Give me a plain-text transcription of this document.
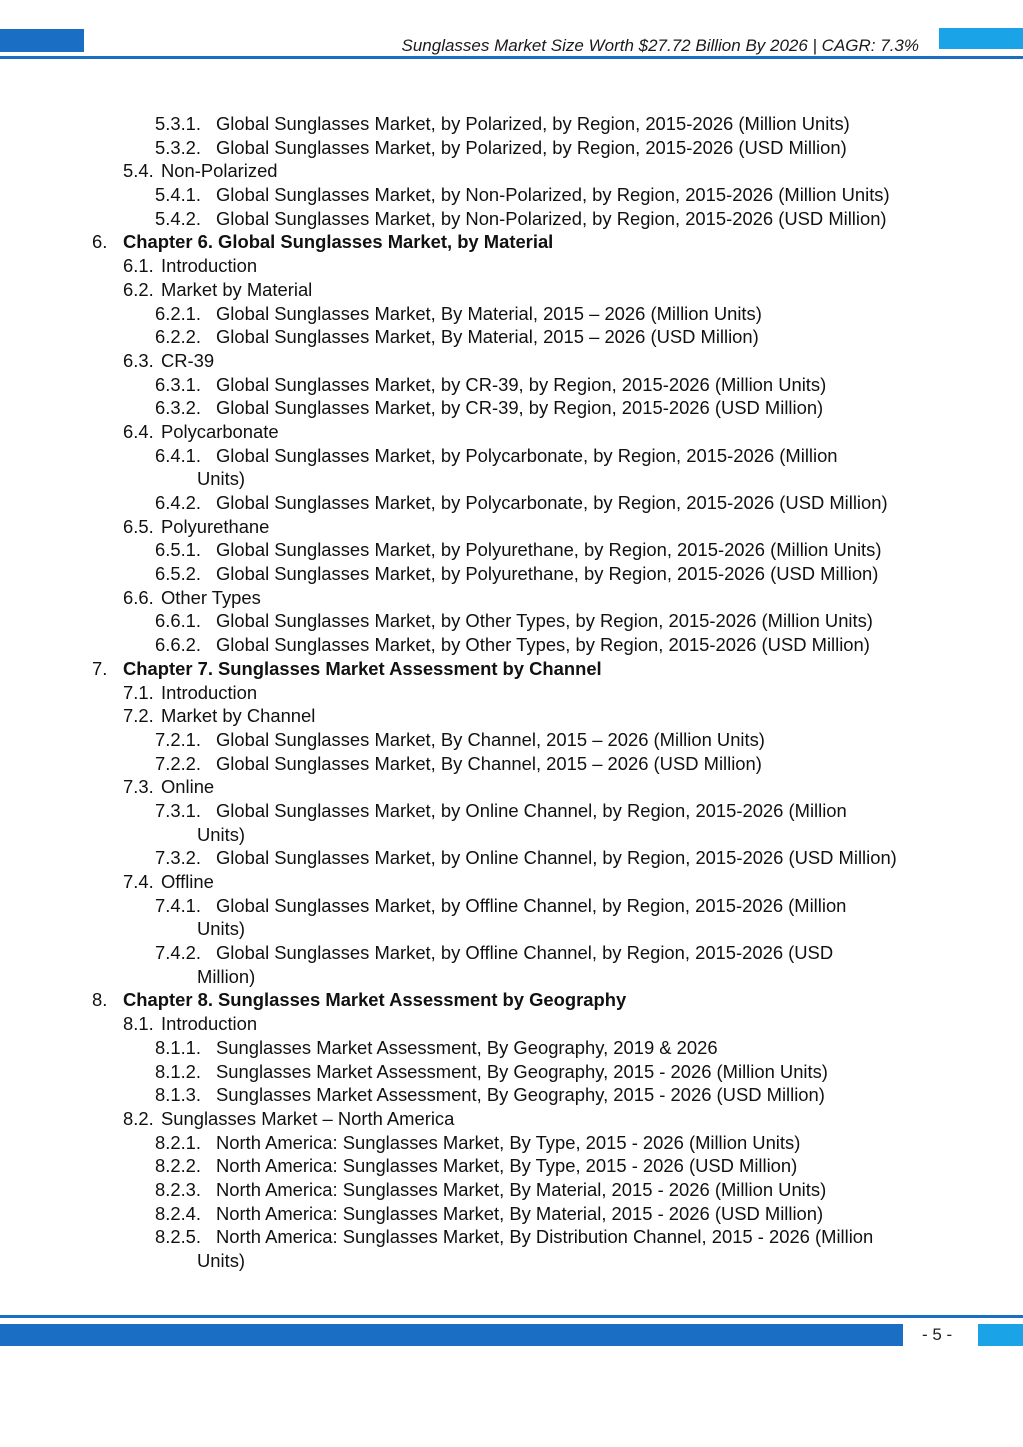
Sunglasses Market Size Worth $27.72 Billion By 2026 | CAGR: 7.3%
5.3.1. Global Sunglasses Market, by Polarized, by Region, 2015-2026 (Million Units)
5.3.2. Global Sunglasses Market, by Polarized, by Region, 2015-2026 (USD Million)
5.4. Non-Polarized
5.4.1. Global Sunglasses Market, by Non-Polarized, by Region, 2015-2026 (Million Units)
5.4.2. Global Sunglasses Market, by Non-Polarized, by Region, 2015-2026 (USD Million)
6. Chapter 6. Global Sunglasses Market, by Material
6.1. Introduction
6.2. Market by Material
6.2.1. Global Sunglasses Market, By Material, 2015 – 2026 (Million Units)
6.2.2. Global Sunglasses Market, By Material, 2015 – 2026 (USD Million)
6.3. CR-39
6.3.1. Global Sunglasses Market, by CR-39, by Region, 2015-2026 (Million Units)
6.3.2. Global Sunglasses Market, by CR-39, by Region, 2015-2026 (USD Million)
6.4. Polycarbonate
6.4.1. Global Sunglasses Market, by Polycarbonate, by Region, 2015-2026 (Million
Units)
6.4.2. Global Sunglasses Market, by Polycarbonate, by Region, 2015-2026 (USD Million)
6.5. Polyurethane
6.5.1. Global Sunglasses Market, by Polyurethane, by Region, 2015-2026 (Million Units)
6.5.2. Global Sunglasses Market, by Polyurethane, by Region, 2015-2026 (USD Million)
6.6. Other Types
6.6.1. Global Sunglasses Market, by Other Types, by Region, 2015-2026 (Million Units)
6.6.2. Global Sunglasses Market, by Other Types, by Region, 2015-2026 (USD Million)
7. Chapter 7. Sunglasses Market Assessment by Channel
7.1. Introduction
7.2. Market by Channel
7.2.1. Global Sunglasses Market, By Channel, 2015 – 2026 (Million Units)
7.2.2. Global Sunglasses Market, By Channel, 2015 – 2026 (USD Million)
7.3. Online
7.3.1. Global Sunglasses Market, by Online Channel, by Region, 2015-2026 (Million
Units)
7.3.2. Global Sunglasses Market, by Online Channel, by Region, 2015-2026 (USD Million)
7.4. Offline
7.4.1. Global Sunglasses Market, by Offline Channel, by Region, 2015-2026 (Million
Units)
7.4.2. Global Sunglasses Market, by Offline Channel, by Region, 2015-2026 (USD
Million)
8. Chapter 8. Sunglasses Market Assessment by Geography
8.1. Introduction
8.1.1. Sunglasses Market Assessment, By Geography, 2019 & 2026
8.1.2. Sunglasses Market Assessment, By Geography, 2015 - 2026 (Million Units)
8.1.3. Sunglasses Market Assessment, By Geography, 2015 - 2026 (USD Million)
8.2. Sunglasses Market – North America
8.2.1. North America: Sunglasses Market, By Type, 2015 - 2026 (Million Units)
8.2.2. North America: Sunglasses Market, By Type, 2015 - 2026 (USD Million)
8.2.3. North America: Sunglasses Market, By Material, 2015 - 2026 (Million Units)
8.2.4. North America: Sunglasses Market, By Material, 2015 - 2026 (USD Million)
8.2.5. North America: Sunglasses Market, By Distribution Channel, 2015 - 2026 (Million
Units)
- 5 -
